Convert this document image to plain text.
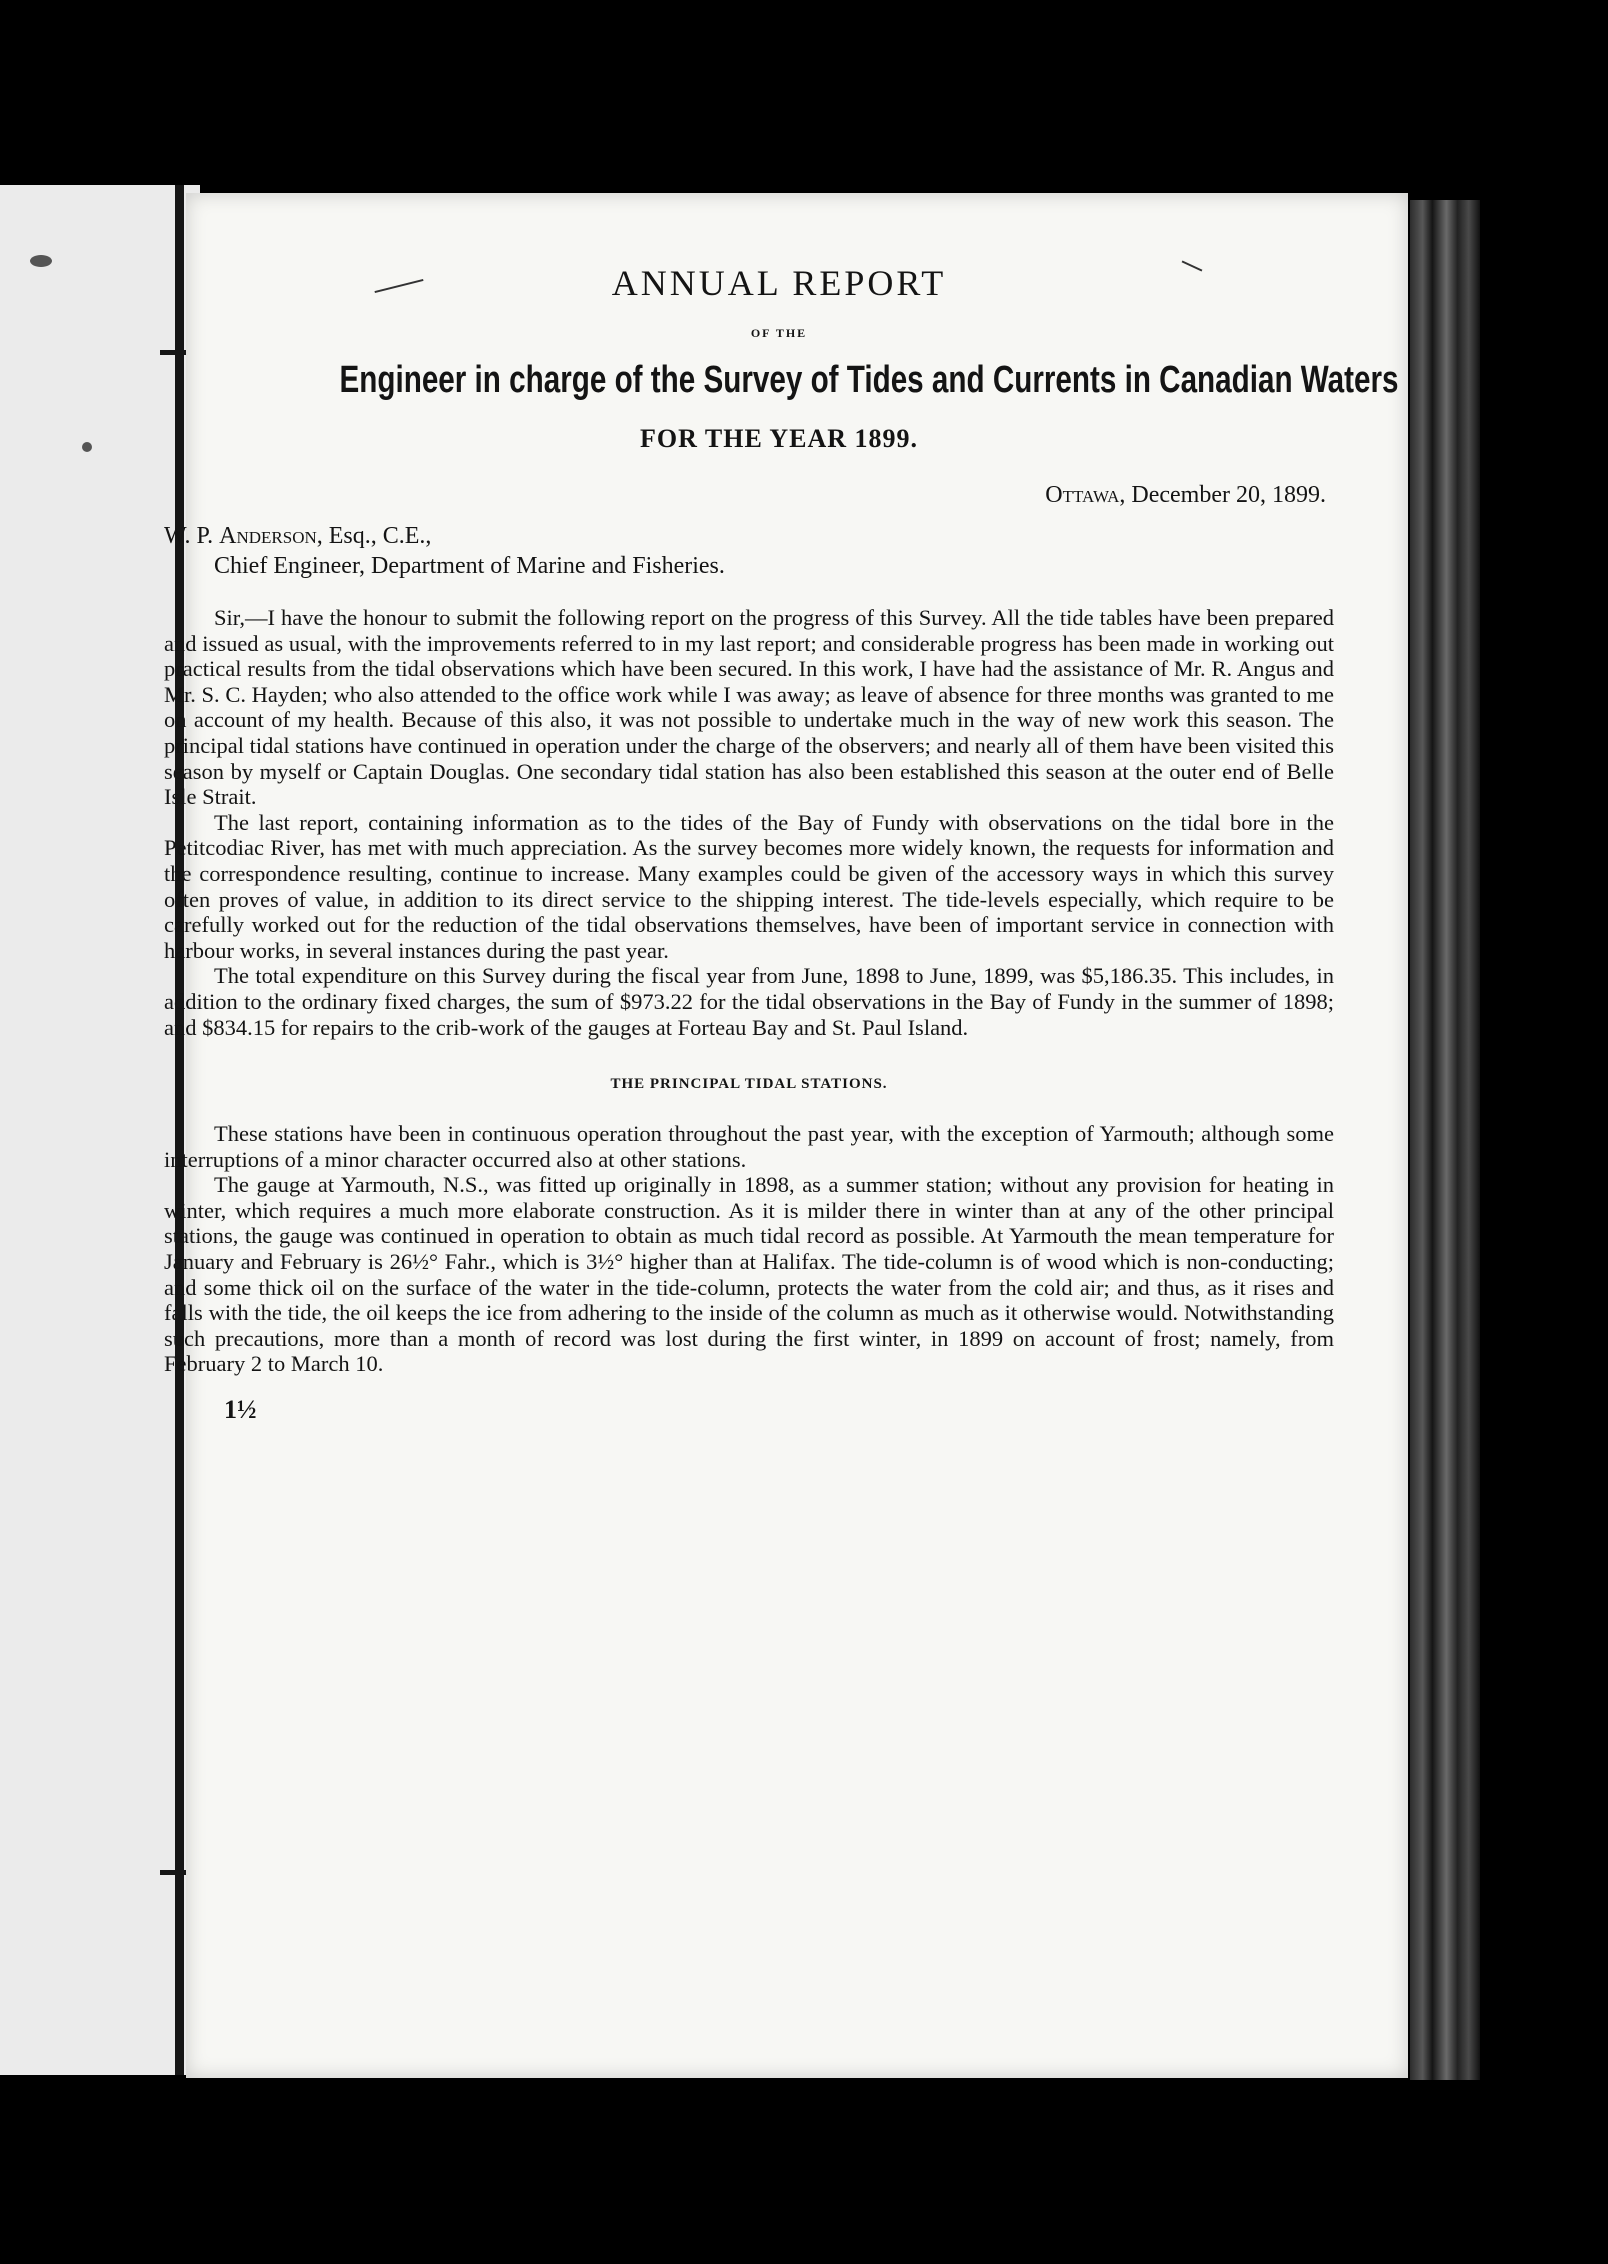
ANNUAL REPORT
OF THE
Engineer in charge of the Survey of Tides and Currents in Canadian Waters
FOR THE YEAR 1899.
Ottawa, December 20, 1899.
W. P. Anderson, Esq., C.E.,
Chief Engineer, Department of Marine and Fisheries.

Sir,—I have the honour to submit the following report on the progress of this Survey. All the tide tables have been prepared and issued as usual, with the improvements referred to in my last report; and considerable progress has been made in working out practical results from the tidal observations which have been secured. In this work, I have had the assistance of Mr. R. Angus and Mr. S. C. Hayden; who also attended to the office work while I was away; as leave of absence for three months was granted to me on account of my health. Because of this also, it was not possible to undertake much in the way of new work this season. The principal tidal stations have continued in operation under the charge of the observers; and nearly all of them have been visited this season by myself or Captain Douglas. One secondary tidal station has also been established this season at the outer end of Belle Isle Strait.

The last report, containing information as to the tides of the Bay of Fundy with observations on the tidal bore in the Petitcodiac River, has met with much appreciation. As the survey becomes more widely known, the requests for information and the correspondence resulting, continue to increase. Many examples could be given of the accessory ways in which this survey often proves of value, in addition to its direct service to the shipping interest. The tide-levels especially, which require to be carefully worked out for the reduction of the tidal observations themselves, have been of important service in connection with harbour works, in several instances during the past year.

The total expenditure on this Survey during the fiscal year from June, 1898 to June, 1899, was $5,186.35. This includes, in addition to the ordinary fixed charges, the sum of $973.22 for the tidal observations in the Bay of Fundy in the summer of 1898; and $834.15 for repairs to the crib-work of the gauges at Forteau Bay and St. Paul Island.

THE PRINCIPAL TIDAL STATIONS.

These stations have been in continuous operation throughout the past year, with the exception of Yarmouth; although some interruptions of a minor character occurred also at other stations.

The gauge at Yarmouth, N.S., was fitted up originally in 1898, as a summer station; without any provision for heating in winter, which requires a much more elaborate construction. As it is milder there in winter than at any of the other principal stations, the gauge was continued in operation to obtain as much tidal record as possible. At Yarmouth the mean temperature for January and February is 26½° Fahr., which is 3½° higher than at Halifax. The tide-column is of wood which is non-conducting; and some thick oil on the surface of the water in the tide-column, protects the water from the cold air; and thus, as it rises and falls with the tide, the oil keeps the ice from adhering to the inside of the column as much as it otherwise would. Notwithstanding such precautions, more than a month of record was lost during the first winter, in 1899 on account of frost; namely, from February 2 to March 10.

1½
